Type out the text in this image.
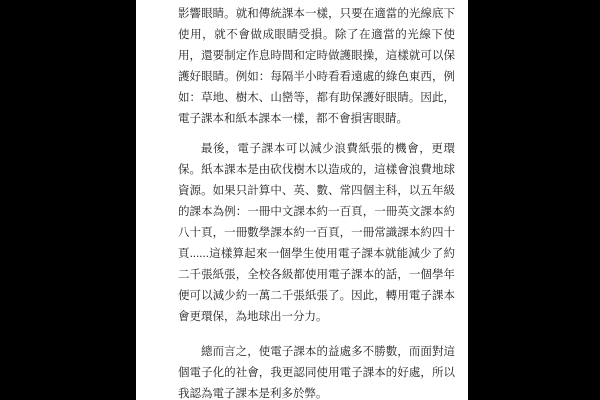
影響眼睛。就和傳統課本一樣，只要在適當的光線底下使用，就不會做成眼睛受損。除了在適當的光線下使用，還要制定作息時間和定時做護眼操，這樣就可以保護好眼睛。例如：每隔半小時看看遠處的綠色東西，例如：草地、樹木、山巒等，都有助保護好眼睛。因此，電子課本和紙本課本一樣，都不會損害眼睛。

最後，電子課本可以減少浪費紙張的機會，更環保。紙本課本是由砍伐樹木以造成的，這樣會浪費地球資源。如果只計算中、英、數、常四個主科，以五年級的課本為例：一冊中文課本約一百頁，一冊英文課本約八十頁，一冊數學課本約一百頁，一冊常識課本約四十頁......這樣算起來一個學生使用電子課本就能減少了約二千張紙張，全校各級都使用電子課本的話，一個學年便可以減少約一萬二千張紙張了。因此，轉用電子課本會更環保，為地球出一分力。

總而言之，使電子課本的益處多不勝數，而面對這個電子化的社會，我更認同使用電子課本的好處，所以我認為電子課本是利多於弊。
